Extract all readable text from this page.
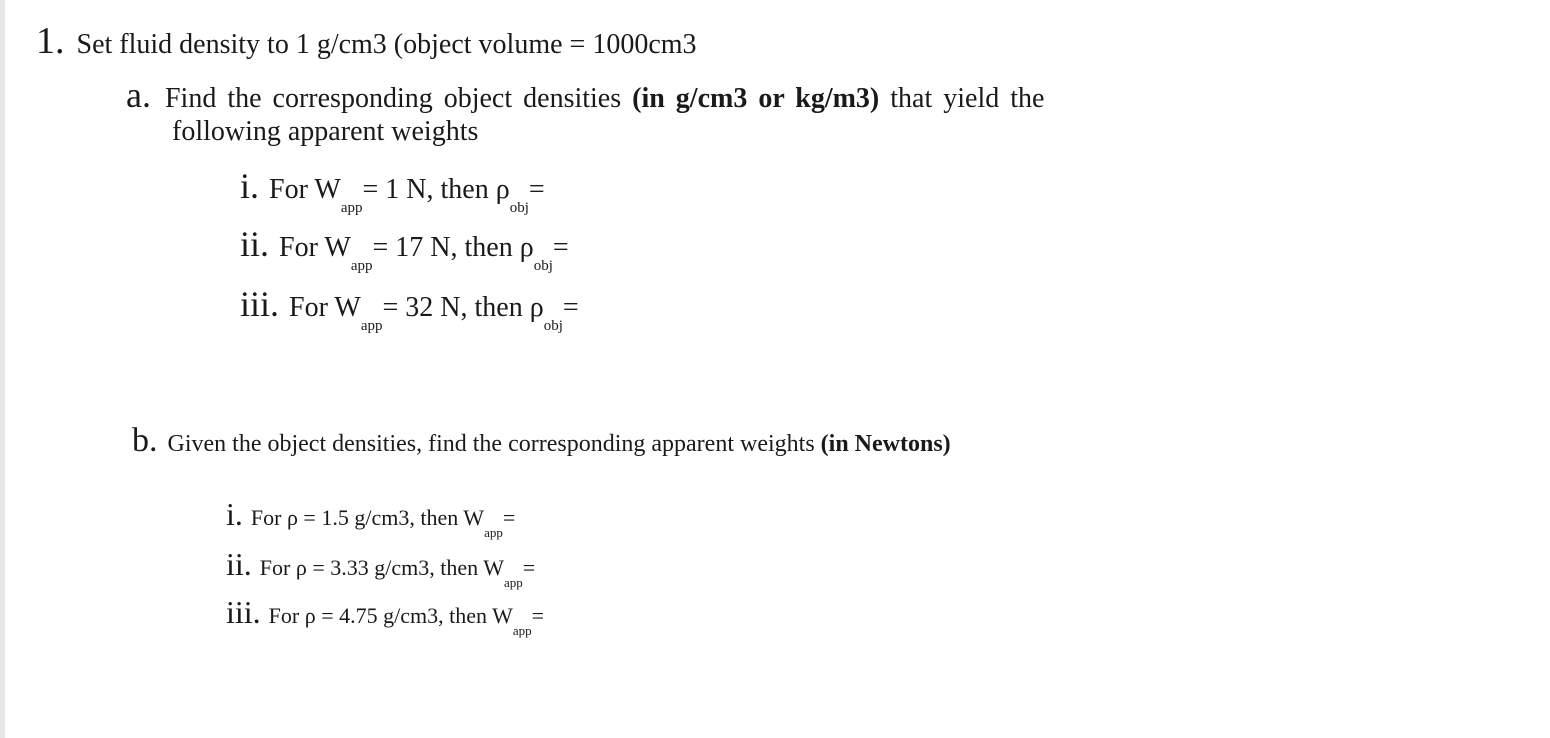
1. Set fluid density to 1 g/cm3 (object volume = 1000cm3
a. Find the corresponding object densities (in g/cm3 or kg/m3) that yield the
following apparent weights
i. For Wapp= 1 N, then ρobj=
ii. For Wapp= 17 N, then ρobj=
iii. For Wapp= 32 N, then ρobj=
b. Given the object densities, find the corresponding apparent weights (in Newtons)
i. For ρ = 1.5 g/cm3, then Wapp=
ii. For ρ = 3.33 g/cm3, then Wapp=
iii. For ρ = 4.75 g/cm3, then Wapp=
